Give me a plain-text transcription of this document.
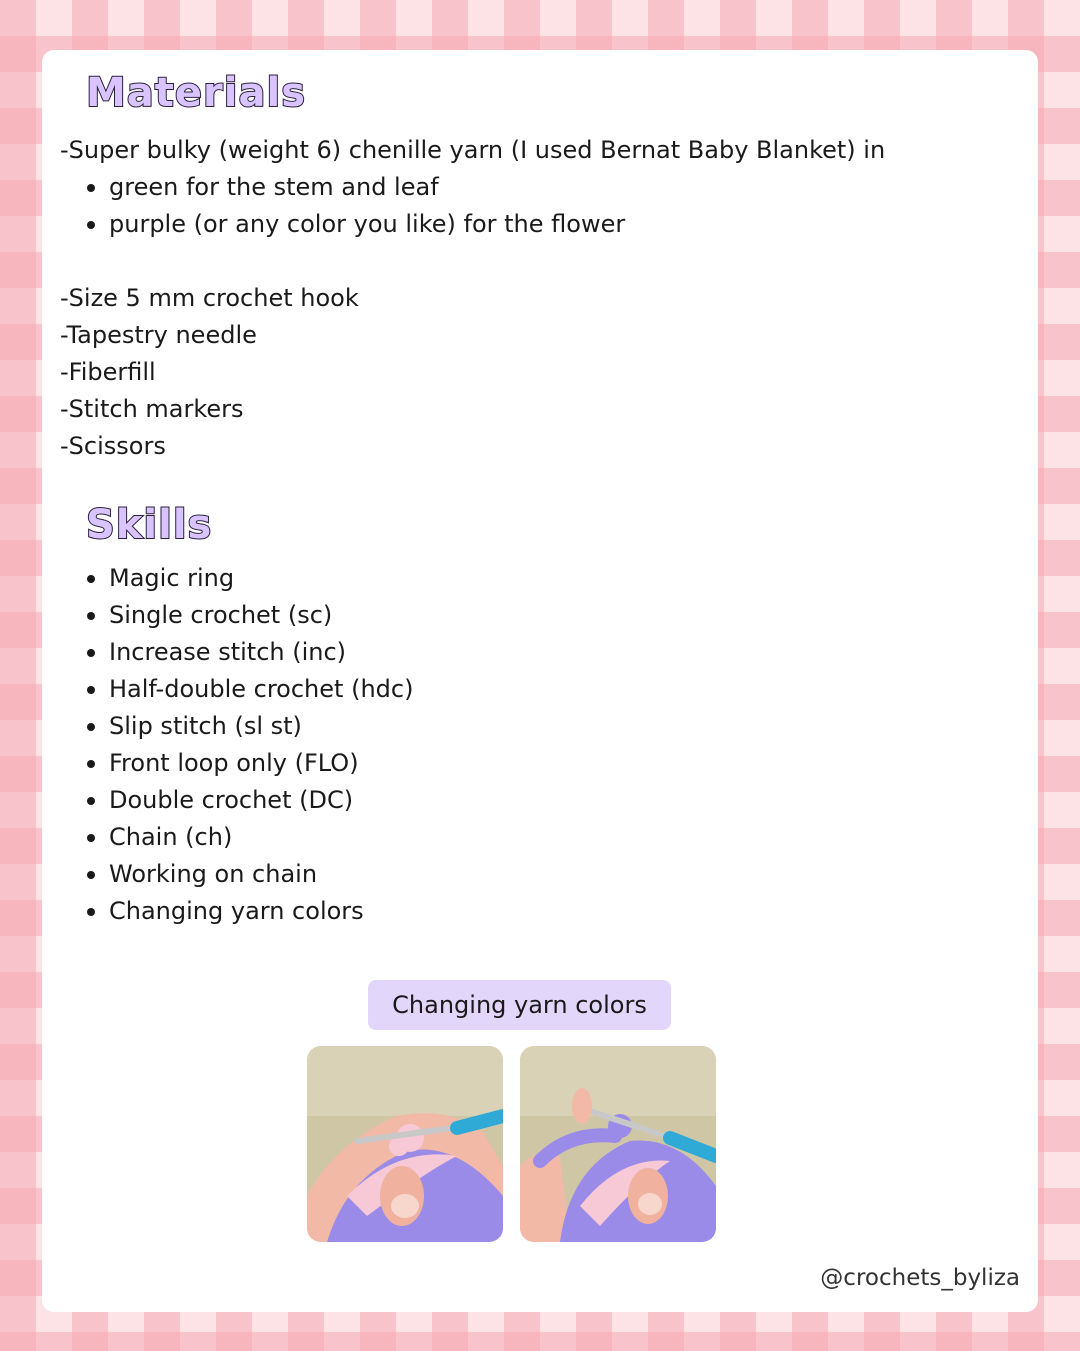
Materials
-Super bulky (weight 6) chenille yarn (I used Bernat Baby Blanket) in
green for the stem and leaf
purple (or any color you like) for the flower
-Size 5 mm crochet hook
-Tapestry needle
-Fiberfill
-Stitch markers
-Scissors
Skills
Magic ring
Single crochet (sc)
Increase stitch (inc)
Half-double crochet (hdc)
Slip stitch (sl st)
Front loop only (FLO)
Double crochet (DC)
Chain (ch)
Working on chain
Changing yarn colors
Changing yarn colors
@crochets_byliza
